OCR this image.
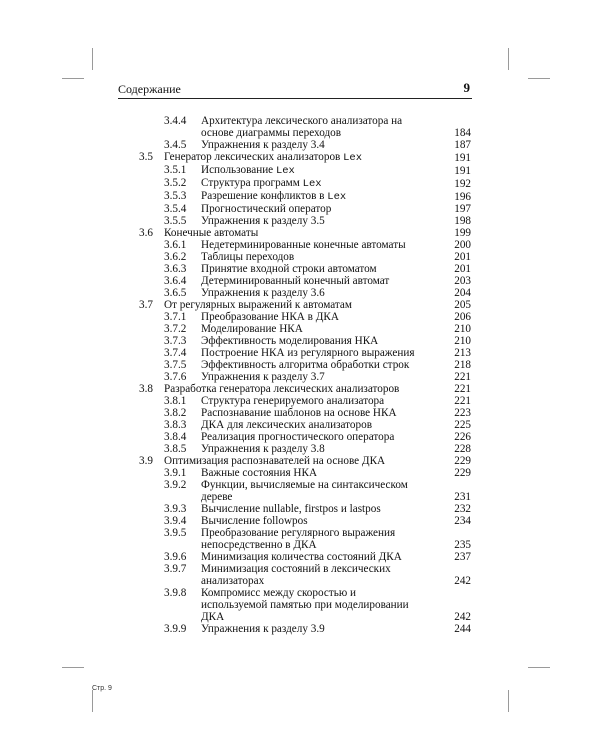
Содержание	9
3.4.4 Архитектура лексического анализатора на основе диаграммы переходов	184
3.4.5 Упражнения к разделу 3.4	187
3.5 Генератор лексических анализаторов Lex	191
3.5.1 Использование Lex	191
3.5.2 Структура программ Lex	192
3.5.3 Разрешение конфликтов в Lex	196
3.5.4 Прогностический оператор	197
3.5.5 Упражнения к разделу 3.5	198
3.6 Конечные автоматы	199
3.6.1 Недетерминированные конечные автоматы	200
3.6.2 Таблицы переходов	201
3.6.3 Принятие входной строки автоматом	201
3.6.4 Детерминированный конечный автомат	203
3.6.5 Упражнения к разделу 3.6	204
3.7 От регулярных выражений к автоматам	205
3.7.1 Преобразование НКА в ДКА	206
3.7.2 Моделирование НКА	210
3.7.3 Эффективность моделирования НКА	210
3.7.4 Построение НКА из регулярного выражения	213
3.7.5 Эффективность алгоритма обработки строк	218
3.7.6 Упражнения к разделу 3.7	221
3.8 Разработка генератора лексических анализаторов	221
3.8.1 Структура генерируемого анализатора	221
3.8.2 Распознавание шаблонов на основе НКА	223
3.8.3 ДКА для лексических анализаторов	225
3.8.4 Реализация прогностического оператора	226
3.8.5 Упражнения к разделу 3.8	228
3.9 Оптимизация распознавателей на основе ДКА	229
3.9.1 Важные состояния НКА	229
3.9.2 Функции, вычисляемые на синтаксическом дереве	231
3.9.3 Вычисление nullable, firstpos и lastpos	232
3.9.4 Вычисление followpos	234
3.9.5 Преобразование регулярного выражения непосредственно в ДКА	235
3.9.6 Минимизация количества состояний ДКА	237
3.9.7 Минимизация состояний в лексических анализаторах	242
3.9.8 Компромисс между скоростью и используемой памятью при моделировании ДКА	242
3.9.9 Упражнения к разделу 3.9	244
Стр. 9
